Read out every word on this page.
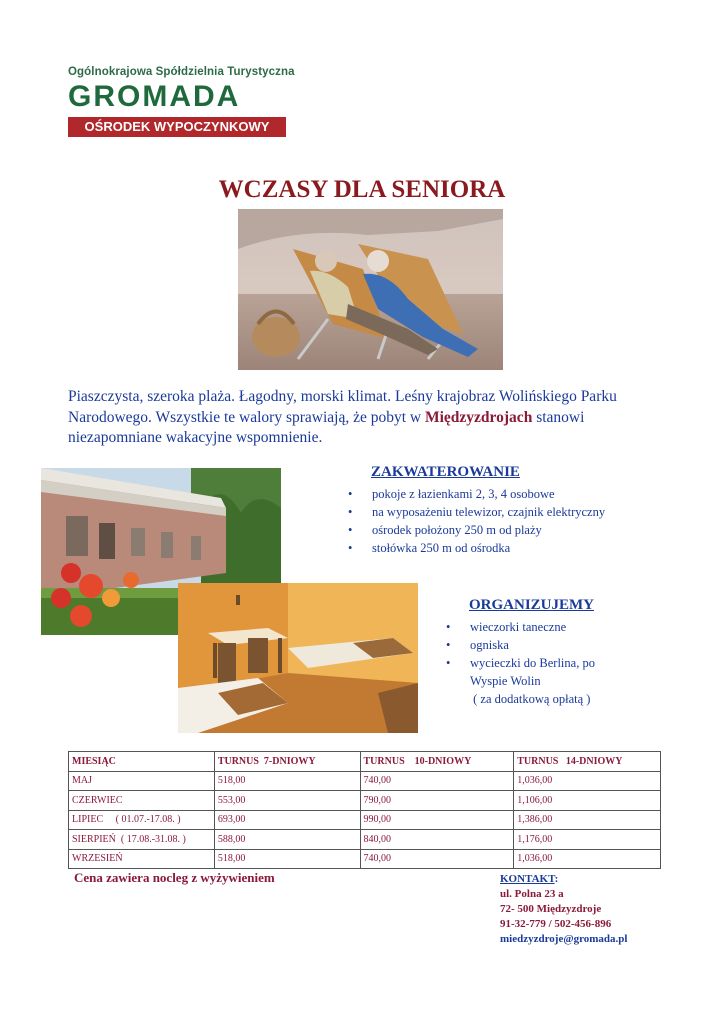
Ogólnokrajowa Spółdzielnia Turystyczna
GROMADA
OŚRODEK WYPOCZYNKOWY
WCZASY DLA SENIORA
Piaszczysta, szeroka plaża. Łagodny, morski klimat. Leśny krajobraz Wolińskiego Parku Narodowego. Wszystkie te walory sprawiają, że pobyt w Międzyzdrojach stanowi niezapomniane wakacyjne wspomnienie.
ZAKWATEROWANIE
• pokoje z łazienkami 2, 3, 4 osobowe
• na wyposażeniu telewizor, czajnik elektryczny
• ośrodek położony 250 m od plaży
• stołówka 250 m od ośrodka
ORGANIZUJEMY
• wieczorki taneczne
• ogniska
• wycieczki do Berlina, po
Wyspie Wolin
( za dodatkową opłatą )
MIESIĄC	TURNUS  7-DNIOWY	TURNUS    10-DNIOWY	TURNUS   14-DNIOWY
MAJ	518,00	740,00	1,036,00
CZERWIEC	553,00	790,00	1,106,00
LIPIEC     ( 01.07.-17.08. )	693,00	990,00	1,386,00
SIERPIEŃ  ( 17.08.-31.08. )	588,00	840,00	1,176,00
WRZESIEŃ	518,00	740,00	1,036,00
Cena zawiera nocleg z wyżywieniem	KONTAKT:
ul. Polna 23 a
72- 500 Międzyzdroje
91-32-779 / 502-456-896
miedzyzdroje@gromada.pl
